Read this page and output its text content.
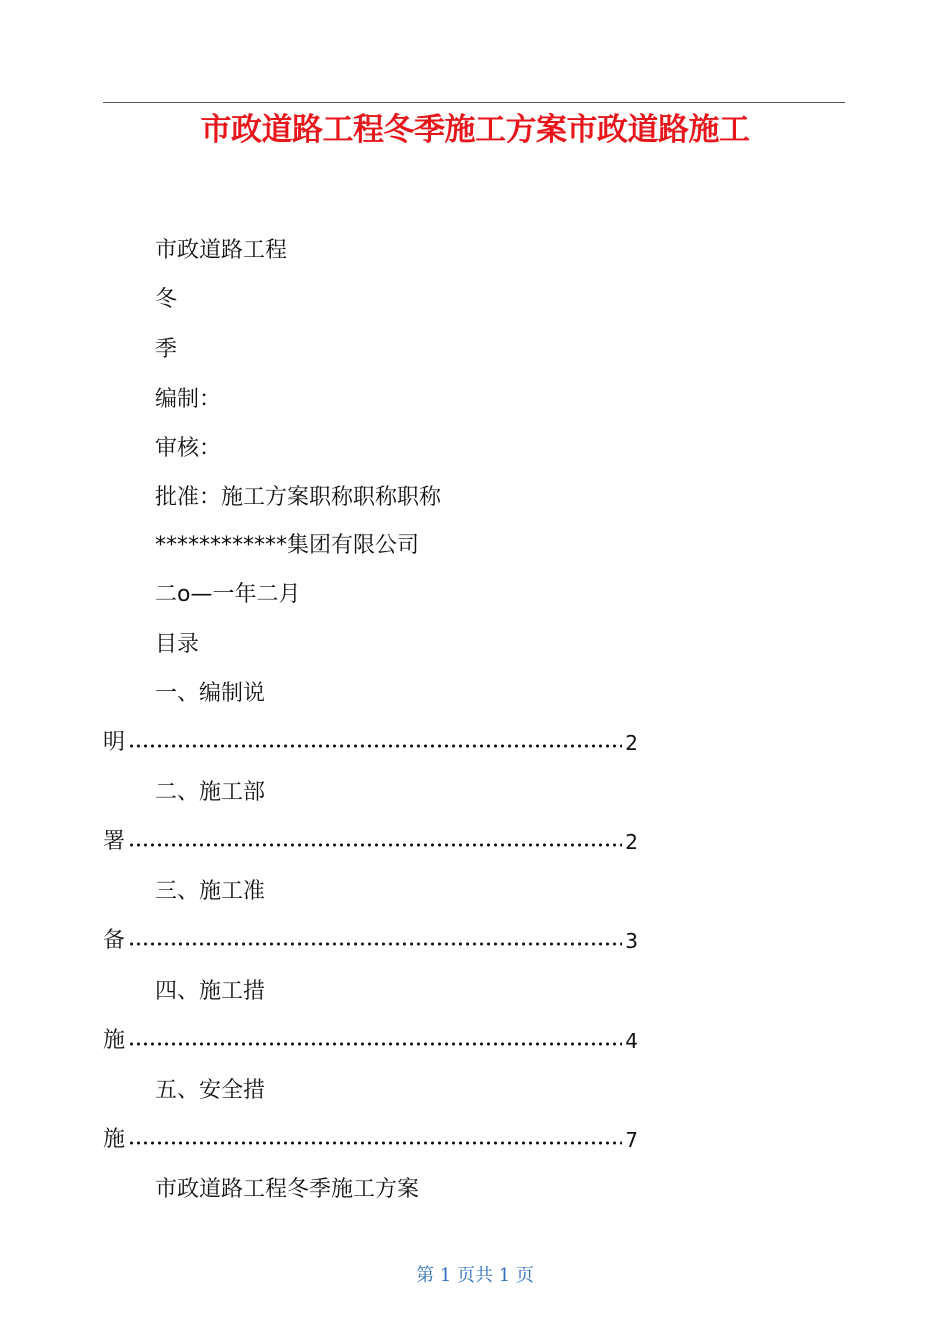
市政道路工程冬季施工方案市政道路施工
市政道路工程
冬
季
编制：
审核：
批准：施工方案职称职称职称
************集团有限公司
二o—一年二月
目录
一、编制说
明	2
二、施工部
署	2
三、施工准
备	3
四、施工措
施	4
五、安全措
施	7
市政道路工程冬季施工方案
第 1 页共 1 页
